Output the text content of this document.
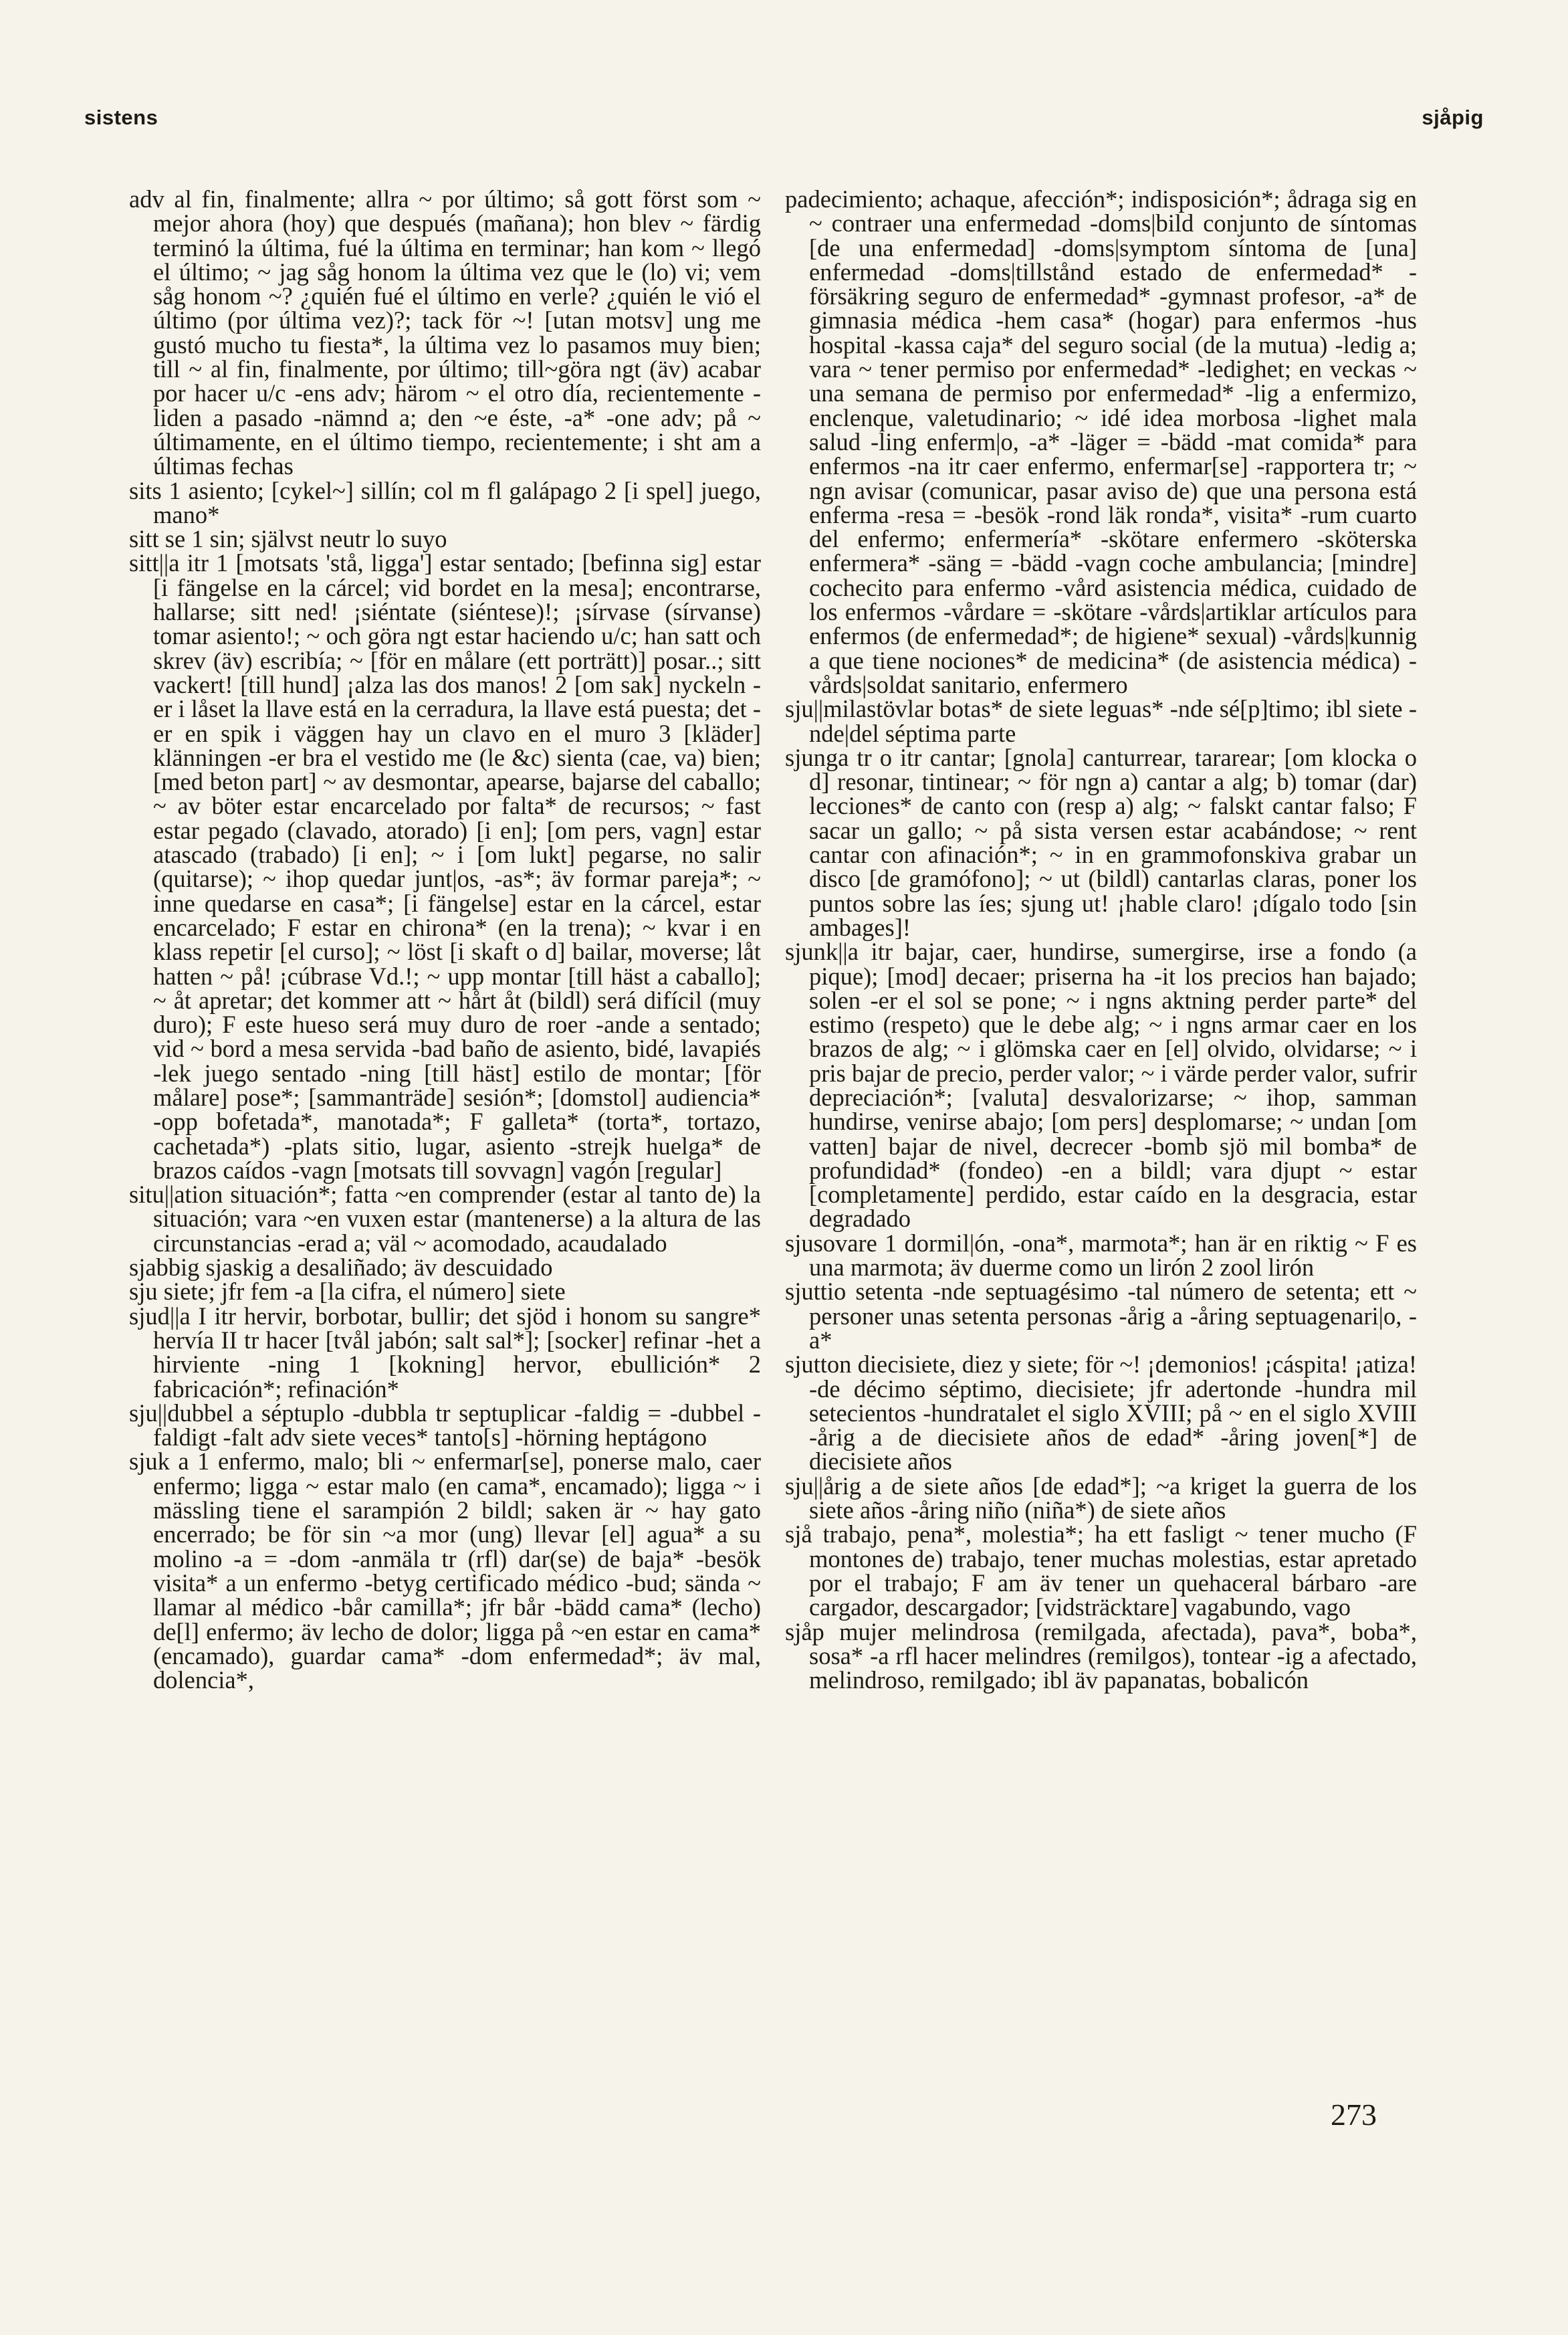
sistens	sjåpig

adv al fin, finalmente; allra ~ por último; så gott först som ~ mejor ahora (hoy) que después (mañana); hon blev ~ färdig terminó la última, fué la última en terminar; han kom ~ llegó el último; ~ jag såg honom la última vez que le (lo) vi; vem såg honom ~? ¿quién fué el último en verle? ¿quién le vió el último (por última vez)?; tack för ~! [utan motsv] ung me gustó mucho tu fiesta*, la última vez lo pasamos muy bien; till ~ al fin, finalmente, por último; till~göra ngt (äv) acabar por hacer u/c -ens adv; härom ~ el otro día, recientemente -liden a pasado -nämnd a; den ~e éste, -a* -one adv; på ~ últimamente, en el último tiempo, recientemente; i sht am a últimas fechas

sits 1 asiento; [cykel~] sillín; col m fl galápago 2 [i spel] juego, mano*

sitt se 1 sin; självst neutr lo suyo

sitt||a itr 1 [motsats 'stå, ligga'] estar sentado; [befinna sig] estar [i fängelse en la cárcel; vid bordet en la mesa]; encontrarse, hallarse; sitt ned! ¡siéntate (siéntese)!; ¡sírvase (sírvanse) tomar asiento!; ~ och göra ngt estar haciendo u/c; han satt och skrev (äv) escribía; ~ [för en målare (ett porträtt)] posar..; sitt vackert! [till hund] ¡alza las dos manos! 2 [om sak] nyckeln -er i låset la llave está en la cerradura, la llave está puesta; det -er en spik i väggen hay un clavo en el muro 3 [kläder] klänningen -er bra el vestido me (le &c) sienta (cae, va) bien; [med beton part] ~ av desmontar, apearse, bajarse del caballo; ~ av böter estar encarcelado por falta* de recursos; ~ fast estar pegado (clavado, atorado) [i en]; [om pers, vagn] estar atascado (trabado) [i en]; ~ i [om lukt] pegarse, no salir (quitarse); ~ ihop quedar junt|os, -as*; äv formar pareja*; ~ inne quedarse en casa*; [i fängelse] estar en la cárcel, estar encarcelado; F estar en chirona* (en la trena); ~ kvar i en klass repetir [el curso]; ~ löst [i skaft o d] bailar, moverse; låt hatten ~ på! ¡cúbrase Vd.!; ~ upp montar [till häst a caballo]; ~ åt apretar; det kommer att ~ hårt åt (bildl) será difícil (muy duro); F este hueso será muy duro de roer -ande a sentado; vid ~ bord a mesa servida -bad baño de asiento, bidé, lavapiés -lek juego sentado -ning [till häst] estilo de montar; [för målare] pose*; [sammanträde] sesión*; [domstol] audiencia* -opp bofetada*, manotada*; F galleta* (torta*, tortazo, cachetada*) -plats sitio, lugar, asiento -strejk huelga* de brazos caídos -vagn [motsats till sovvagn] vagón [regular]

situ||ation situación*; fatta ~en comprender (estar al tanto de) la situación; vara ~en vuxen estar (mantenerse) a la altura de las circunstancias -erad a; väl ~ acomodado, acaudalado

sjabbig sjaskig a desaliñado; äv descuidado

sju siete; jfr fem -a [la cifra, el número] siete

sjud||a I itr hervir, borbotar, bullir; det sjöd i honom su sangre* hervía II tr hacer [tvål jabón; salt sal*]; [socker] refinar -het a hirviente -ning 1 [kokning] hervor, ebullición* 2 fabricación*; refinación*

sju||dubbel a séptuplo -dubbla tr septuplicar -faldig = -dubbel -faldigt -falt adv siete veces* tanto[s] -hörning heptágono

sjuk a 1 enfermo, malo; bli ~ enfermar[se], ponerse malo, caer enfermo; ligga ~ estar malo (en cama*, encamado); ligga ~ i mässling tiene el sarampión 2 bildl; saken är ~ hay gato encerrado; be för sin ~a mor (ung) llevar [el] agua* a su molino -a = -dom -anmäla tr (rfl) dar(se) de baja* -besök visita* a un enfermo -betyg certificado médico -bud; sända ~ llamar al médico -bår camilla*; jfr bår -bädd cama* (lecho) de[l] enfermo; äv lecho de dolor; ligga på ~en estar en cama* (encamado), guardar cama* -dom enfermedad*; äv mal, dolencia*,

padecimiento; achaque, afección*; indisposición*; ådraga sig en ~ contraer una enfermedad -doms|bild conjunto de síntomas [de una enfermedad] -doms|symptom síntoma de [una] enfermedad -doms|tillstånd estado de enfermedad* -försäkring seguro de enfermedad* -gymnast profesor, -a* de gimnasia médica -hem casa* (hogar) para enfermos -hus hospital -kassa caja* del seguro social (de la mutua) -ledig a; vara ~ tener permiso por enfermedad* -ledighet; en veckas ~ una semana de permiso por enfermedad* -lig a enfermizo, enclenque, valetudinario; ~ idé idea morbosa -lighet mala salud -ling enferm|o, -a* -läger = -bädd -mat comida* para enfermos -na itr caer enfermo, enfermar[se] -rapportera tr; ~ ngn avisar (comunicar, pasar aviso de) que una persona está enferma -resa = -besök -rond läk ronda*, visita* -rum cuarto del enfermo; enfermería* -skötare enfermero -sköterska enfermera* -säng = -bädd -vagn coche ambulancia; [mindre] cochecito para enfermo -vård asistencia médica, cuidado de los enfermos -vårdare = -skötare -vårds|artiklar artículos para enfermos (de enfermedad*; de higiene* sexual) -vårds|kunnig a que tiene nociones* de medicina* (de asistencia médica) -vårds|soldat sanitario, enfermero

sju||milastövlar botas* de siete leguas* -nde sé[p]timo; ibl siete -nde|del séptima parte

sjunga tr o itr cantar; [gnola] canturrear, tararear; [om klocka o d] resonar, tintinear; ~ för ngn a) cantar a alg; b) tomar (dar) lecciones* de canto con (resp a) alg; ~ falskt cantar falso; F sacar un gallo; ~ på sista versen estar acabándose; ~ rent cantar con afinación*; ~ in en grammofonskiva grabar un disco [de gramófono]; ~ ut (bildl) cantarlas claras, poner los puntos sobre las íes; sjung ut! ¡hable claro! ¡dígalo todo [sin ambages]!

sjunk||a itr bajar, caer, hundirse, sumergirse, irse a fondo (a pique); [mod] decaer; priserna ha -it los precios han bajado; solen -er el sol se pone; ~ i ngns aktning perder parte* del estimo (respeto) que le debe alg; ~ i ngns armar caer en los brazos de alg; ~ i glömska caer en [el] olvido, olvidarse; ~ i pris bajar de precio, perder valor; ~ i värde perder valor, sufrir depreciación*; [valuta] desvalorizarse; ~ ihop, samman hundirse, venirse abajo; [om pers] desplomarse; ~ undan [om vatten] bajar de nivel, decrecer -bomb sjö mil bomba* de profundidad* (fondeo) -en a bildl; vara djupt ~ estar [completamente] perdido, estar caído en la desgracia, estar degradado

sjusovare 1 dormil|ón, -ona*, marmota*; han är en riktig ~ F es una marmota; äv duerme como un lirón 2 zool lirón

sjuttio setenta -nde septuagésimo -tal número de setenta; ett ~ personer unas setenta personas -årig a -åring septuagenari|o, -a*

sjutton diecisiete, diez y siete; för ~! ¡demonios! ¡cáspita! ¡atiza! -de décimo séptimo, diecisiete; jfr adertonde -hundra mil setecientos -hundratalet el siglo XVIII; på ~ en el siglo XVIII -årig a de diecisiete años de edad* -åring joven[*] de diecisiete años

sju||årig a de siete años [de edad*]; ~a kriget la guerra de los siete años -åring niño (niña*) de siete años

sjå trabajo, pena*, molestia*; ha ett fasligt ~ tener mucho (F montones de) trabajo, tener muchas molestias, estar apretado por el trabajo; F am äv tener un quehaceral bárbaro -are cargador, descargador; [vidsträcktare] vagabundo, vago

sjåp mujer melindrosa (remilgada, afectada), pava*, boba*, sosa* -a rfl hacer melindres (remilgos), tontear -ig a afectado, melindroso, remilgado; ibl äv papanatas, bobalicón

273
